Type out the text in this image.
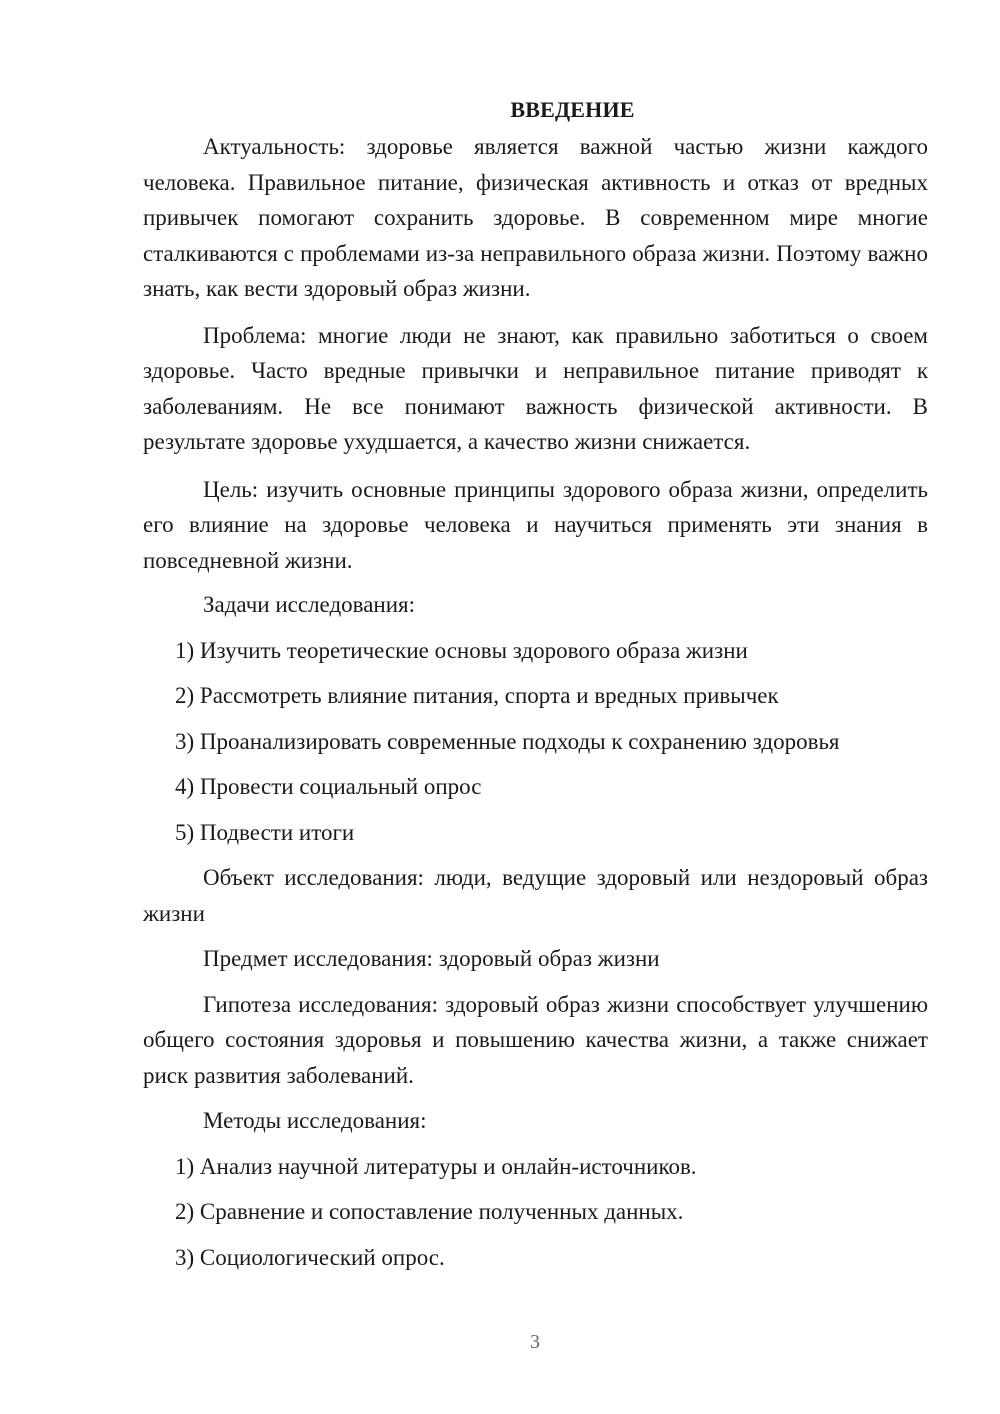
ВВЕДЕНИЕ
Актуальность: здоровье является важной частью жизни каждого человека. Правильное питание, физическая активность и отказ от вредных привычек помогают сохранить здоровье. В современном мире многие сталкиваются с проблемами из-за неправильного образа жизни. Поэтому важно знать, как вести здоровый образ жизни.
Проблема: многие люди не знают, как правильно заботиться о своем здоровье. Часто вредные привычки и неправильное питание приводят к заболеваниям. Не все понимают важность физической активности. В результате здоровье ухудшается, а качество жизни снижается.
Цель: изучить основные принципы здорового образа жизни, определить его влияние на здоровье человека и научиться применять эти знания в повседневной жизни.
Задачи исследования:
1) Изучить теоретические основы здорового образа жизни
2) Рассмотреть влияние питания, спорта и вредных привычек
3) Проанализировать современные подходы к сохранению здоровья
4) Провести социальный опрос
5) Подвести итоги
Объект исследования: люди, ведущие здоровый или нездоровый образ жизни
Предмет исследования: здоровый образ жизни
Гипотеза исследования: здоровый образ жизни способствует улучшению общего состояния здоровья и повышению качества жизни, а также снижает риск развития заболеваний.
Методы исследования:
1) Анализ научной литературы и онлайн-источников.
2) Сравнение и сопоставление полученных данных.
3) Социологический опрос.
3
